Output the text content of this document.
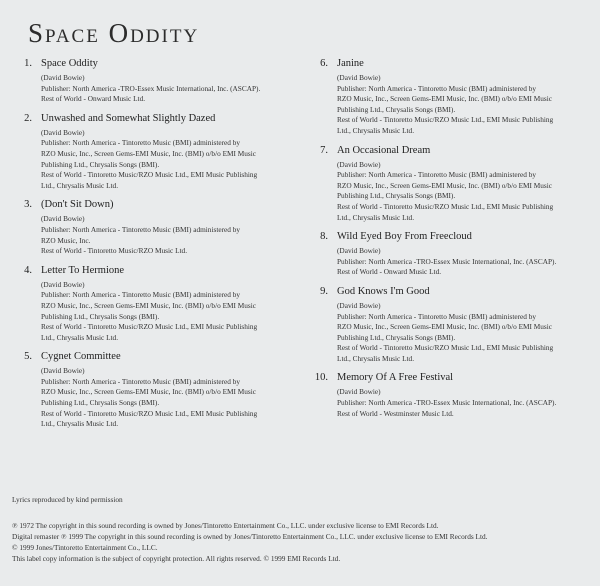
Space Oddity
1. Space Oddity
(David Bowie)
Publisher: North America -TRO-Essex Music International, Inc. (ASCAP).
Rest of World - Onward Music Ltd.
2. Unwashed and Somewhat Slightly Dazed
(David Bowie)
Publisher: North America - Tintoretto Music (BMI) administered by
RZO Music, Inc., Screen Gems-EMI Music, Inc. (BMI) o/b/o EMI Music
Publishing Ltd., Chrysalis Songs (BMI).
Rest of World - Tintoretto Music/RZO Music Ltd., EMI Music Publishing
Ltd., Chrysalis Music Ltd.
3. (Don't Sit Down)
(David Bowie)
Publisher: North America - Tintoretto Music (BMI) administered by
RZO Music, Inc.
Rest of World - Tintoretto Music/RZO Music Ltd.
4. Letter To Hermione
(David Bowie)
Publisher: North America - Tintoretto Music (BMI) administered by
RZO Music, Inc., Screen Gems-EMI Music, Inc. (BMI) o/b/o EMI Music
Publishing Ltd., Chrysalis Songs (BMI).
Rest of World - Tintoretto Music/RZO Music Ltd., EMI Music Publishing
Ltd., Chrysalis Music Ltd.
5. Cygnet Committee
(David Bowie)
Publisher: North America - Tintoretto Music (BMI) administered by
RZO Music, Inc., Screen Gems-EMI Music, Inc. (BMI) o/b/o EMI Music
Publishing Ltd., Chrysalis Songs (BMI).
Rest of World - Tintoretto Music/RZO Music Ltd., EMI Music Publishing
Ltd., Chrysalis Music Ltd.
6. Janine
(David Bowie)
Publisher: North America - Tintoretto Music (BMI) administered by
RZO Music, Inc., Screen Gems-EMI Music, Inc. (BMI) o/b/o EMI Music
Publishing Ltd., Chrysalis Songs (BMI).
Rest of World - Tintoretto Music/RZO Music Ltd., EMI Music Publishing
Ltd., Chrysalis Music Ltd.
7. An Occasional Dream
(David Bowie)
Publisher: North America - Tintoretto Music (BMI) administered by
RZO Music, Inc., Screen Gems-EMI Music, Inc. (BMI) o/b/o EMI Music
Publishing Ltd., Chrysalis Songs (BMI).
Rest of World - Tintoretto Music/RZO Music Ltd., EMI Music Publishing
Ltd., Chrysalis Music Ltd.
8. Wild Eyed Boy From Freecloud
(David Bowie)
Publisher: North America -TRO-Essex Music International, Inc. (ASCAP).
Rest of World - Onward Music Ltd.
9. God Knows I'm Good
(David Bowie)
Publisher: North America - Tintoretto Music (BMI) administered by
RZO Music, Inc., Screen Gems-EMI Music, Inc. (BMI) o/b/o EMI Music
Publishing Ltd., Chrysalis Songs (BMI).
Rest of World - Tintoretto Music/RZO Music Ltd., EMI Music Publishing
Ltd., Chrysalis Music Ltd.
10. Memory Of A Free Festival
(David Bowie)
Publisher: North America -TRO-Essex Music International, Inc. (ASCAP).
Rest of World - Westminster Music Ltd.
Lyrics reproduced by kind permission
℗ 1972 The copyright in this sound recording is owned by Jones/Tintoretto Entertainment Co., LLC. under exclusive license to EMI Records Ltd.
Digital remaster ℗ 1999 The copyright in this sound recording is owned by Jones/Tintoretto Entertainment Co., LLC. under exclusive license to EMI Records Ltd.
© 1999 Jones/Tintoretto Entertainment Co., LLC.
This label copy information is the subject of copyright protection. All rights reserved. © 1999 EMI Records Ltd.
